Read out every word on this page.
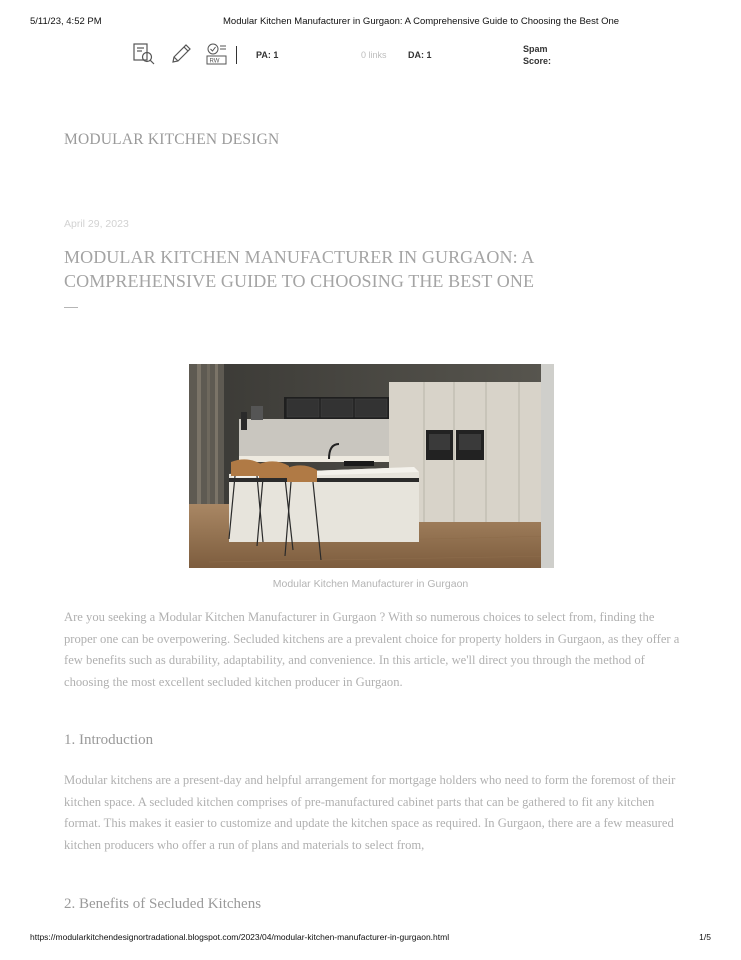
5/11/23, 4:52 PM	Modular Kitchen Manufacturer in Gurgaon: A Comprehensive Guide to Choosing the Best One
RW
PA: 1	0 links DA: 1
Spam Score:
MODULAR KITCHEN DESIGN
April 29, 2023
MODULAR KITCHEN MANUFACTURER IN GURGAON: A COMPREHENSIVE GUIDE TO CHOOSING THE BEST ONE
Modular Kitchen Manufacturer in Gurgaon

Are you seeking a Modular Kitchen Manufacturer in Gurgaon ? With so numerous choices to select from, finding the proper one can be overpowering. Secluded kitchens are a prevalent choice for property holders in Gurgaon, as they offer a few benefits such as durability, adaptability, and convenience. In this article, we'll direct you through the method of choosing the most excellent secluded kitchen producer in Gurgaon.

1. Introduction

Modular kitchens are a present-day and helpful arrangement for mortgage holders who need to form the foremost of their kitchen space. A secluded kitchen comprises of pre-manufactured cabinet parts that can be gathered to fit any kitchen format. This makes it easier to customize and update the kitchen space as required. In Gurgaon, there are a few measured kitchen producers who offer a run of plans and materials to select from,

2. Benefits of Secluded Kitchens
https://modularkitchendesignortradational.blogspot.com/2023/04/modular-kitchen-manufacturer-in-gurgaon.html	1/5
